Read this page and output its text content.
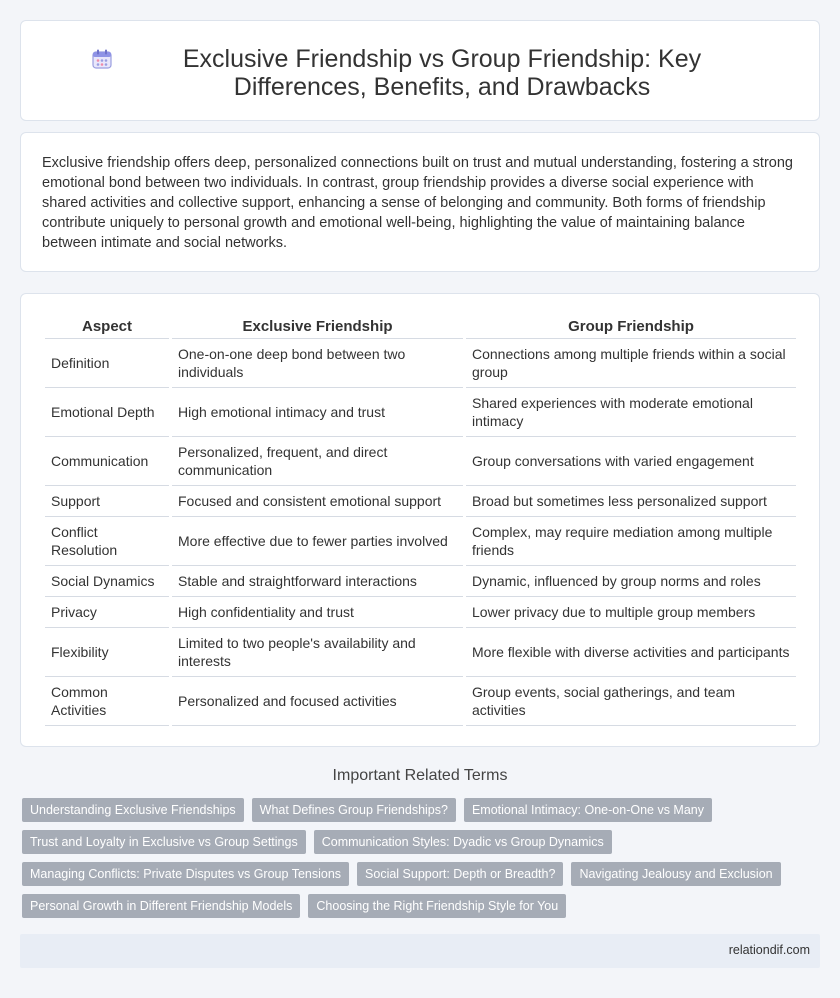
Exclusive Friendship vs Group Friendship: Key Differences, Benefits, and Drawbacks

Exclusive friendship offers deep, personalized connections built on trust and mutual understanding, fostering a strong emotional bond between two individuals. In contrast, group friendship provides a diverse social experience with shared activities and collective support, enhancing a sense of belonging and community. Both forms of friendship contribute uniquely to personal growth and emotional well-being, highlighting the value of maintaining balance between intimate and social networks.

Aspect	Exclusive Friendship	Group Friendship
Definition	One-on-one deep bond between two individuals	Connections among multiple friends within a social group
Emotional Depth	High emotional intimacy and trust	Shared experiences with moderate emotional intimacy
Communication	Personalized, frequent, and direct communication	Group conversations with varied engagement
Support	Focused and consistent emotional support	Broad but sometimes less personalized support
Conflict Resolution	More effective due to fewer parties involved	Complex, may require mediation among multiple friends
Social Dynamics	Stable and straightforward interactions	Dynamic, influenced by group norms and roles
Privacy	High confidentiality and trust	Lower privacy due to multiple group members
Flexibility	Limited to two people's availability and interests	More flexible with diverse activities and participants
Common Activities	Personalized and focused activities	Group events, social gatherings, and team activities
Important Related Terms
Understanding Exclusive Friendships	What Defines Group Friendships?	Emotional Intimacy: One-on-One vs Many
Trust and Loyalty in Exclusive vs Group Settings	Communication Styles: Dyadic vs Group Dynamics
Managing Conflicts: Private Disputes vs Group Tensions	Social Support: Depth or Breadth?	Navigating Jealousy and Exclusion
Personal Growth in Different Friendship Models	Choosing the Right Friendship Style for You
relationdif.com
